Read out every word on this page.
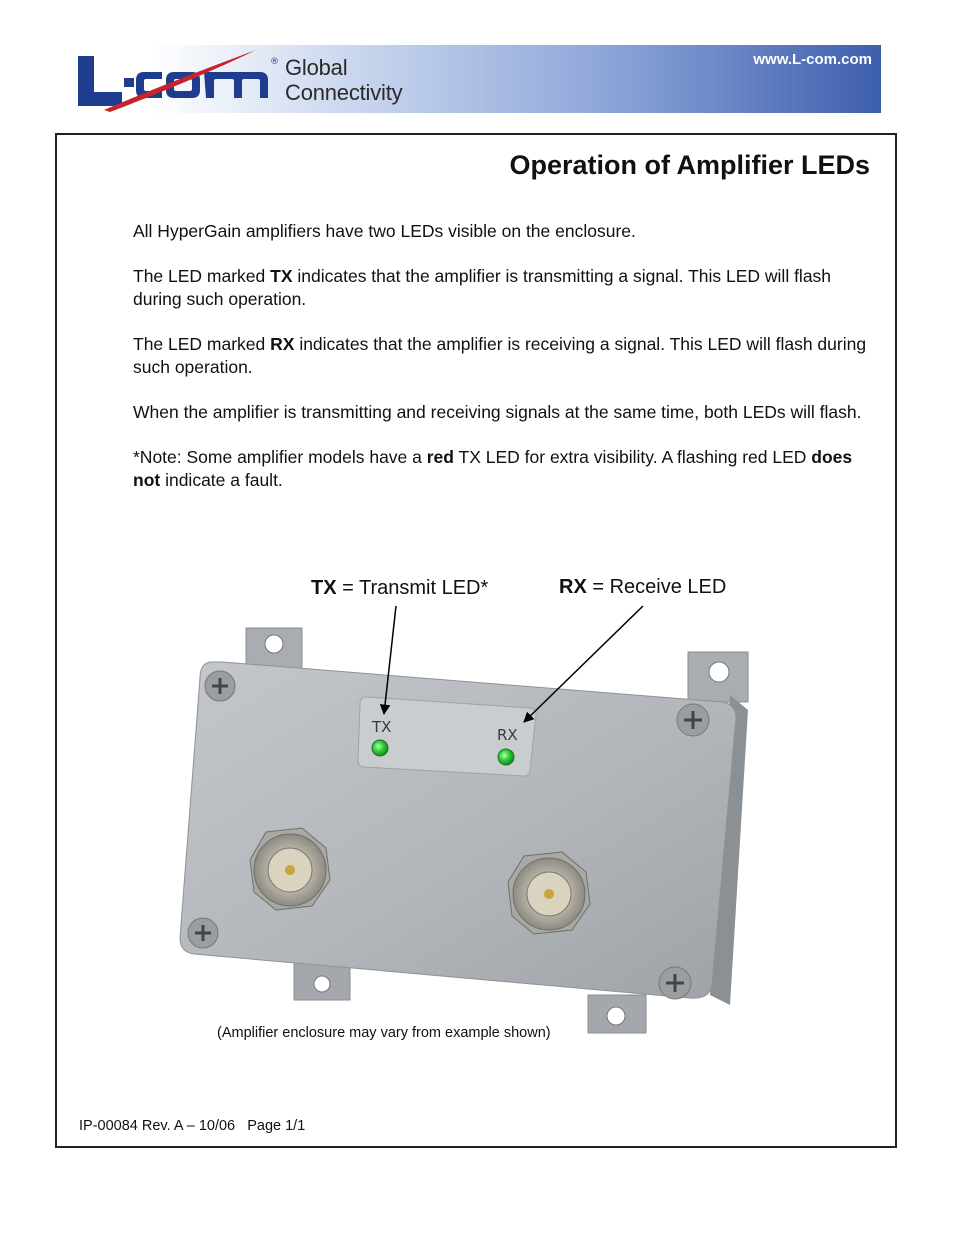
® Global
Connectivity
www.L-com.com
Operation of Amplifier LEDs

All HyperGain amplifiers have two LEDs visible on the enclosure.

The LED marked TX indicates that the amplifier is transmitting a signal. This LED will flash during such operation.

The LED marked RX indicates that the amplifier is receiving a signal. This LED will flash during such operation.

When the amplifier is transmitting and receiving signals at the same time, both LEDs will flash.

*Note: Some amplifier models have a red TX LED for extra visibility. A flashing red LED does not indicate a fault.

TX = Transmit LED*	RX = Receive LED
TX	RX
(Amplifier enclosure may vary from example shown)
IP-00084 Rev. A – 10/06   Page 1/1
